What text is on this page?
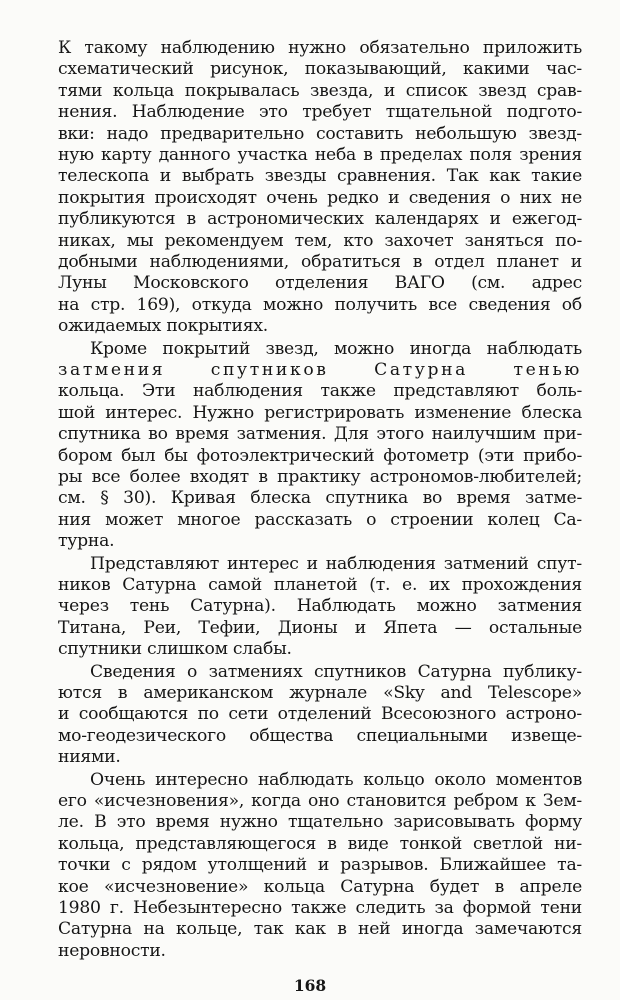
К такому наблюдению нужно обязательно приложить
схематический рисунок, показывающий, какими час-
тями кольца покрывалась звезда, и список звезд срав-
нения. Наблюдение это требует тщательной подгото-
вки: надо предварительно составить небольшую звезд-
ную карту данного участка неба в пределах поля зрения
телескопа и выбрать звезды сравнения. Так как такие
покрытия происходят очень редко и сведения о них не
публикуются в астрономических календарях и ежегод-
никах, мы рекомендуем тем, кто захочет заняться по-
добными наблюдениями, обратиться в отдел планет и
Луны Московского отделения ВАГО (см. адрес
на стр. 169), откуда можно получить все сведения об
ожидаемых покрытиях.
Кроме покрытий звезд, можно иногда наблюдать
затмения спутников Сатурна тенью
кольца. Эти наблюдения также представляют боль-
шой интерес. Нужно регистрировать изменение блеска
спутника во время затмения. Для этого наилучшим при-
бором был бы фотоэлектрический фотометр (эти прибо-
ры все более входят в практику астрономов-любителей;
см. § 30). Кривая блеска спутника во время затме-
ния может многое рассказать о строении колец Са-
турна.
Представляют интерес и наблюдения затмений спут-
ников Сатурна самой планетой (т. е. их прохождения
через тень Сатурна). Наблюдать можно затмения
Титана, Реи, Тефии, Дионы и Япета — остальные
спутники слишком слабы.
Сведения о затмениях спутников Сатурна публику-
ются в американском журнале «Sky and Telescope»
и сообщаются по сети отделений Всесоюзного астроно-
мо-геодезического общества специальными извеще-
ниями.
Очень интересно наблюдать кольцо около моментов
его «исчезновения», когда оно становится ребром к Зем-
ле. В это время нужно тщательно зарисовывать форму
кольца, представляющегося в виде тонкой светлой ни-
точки с рядом утолщений и разрывов. Ближайшее та-
кое «исчезновение» кольца Сатурна будет в апреле
1980 г. Небезынтересно также следить за формой тени
Сатурна на кольце, так как в ней иногда замечаются
неровности.
168
